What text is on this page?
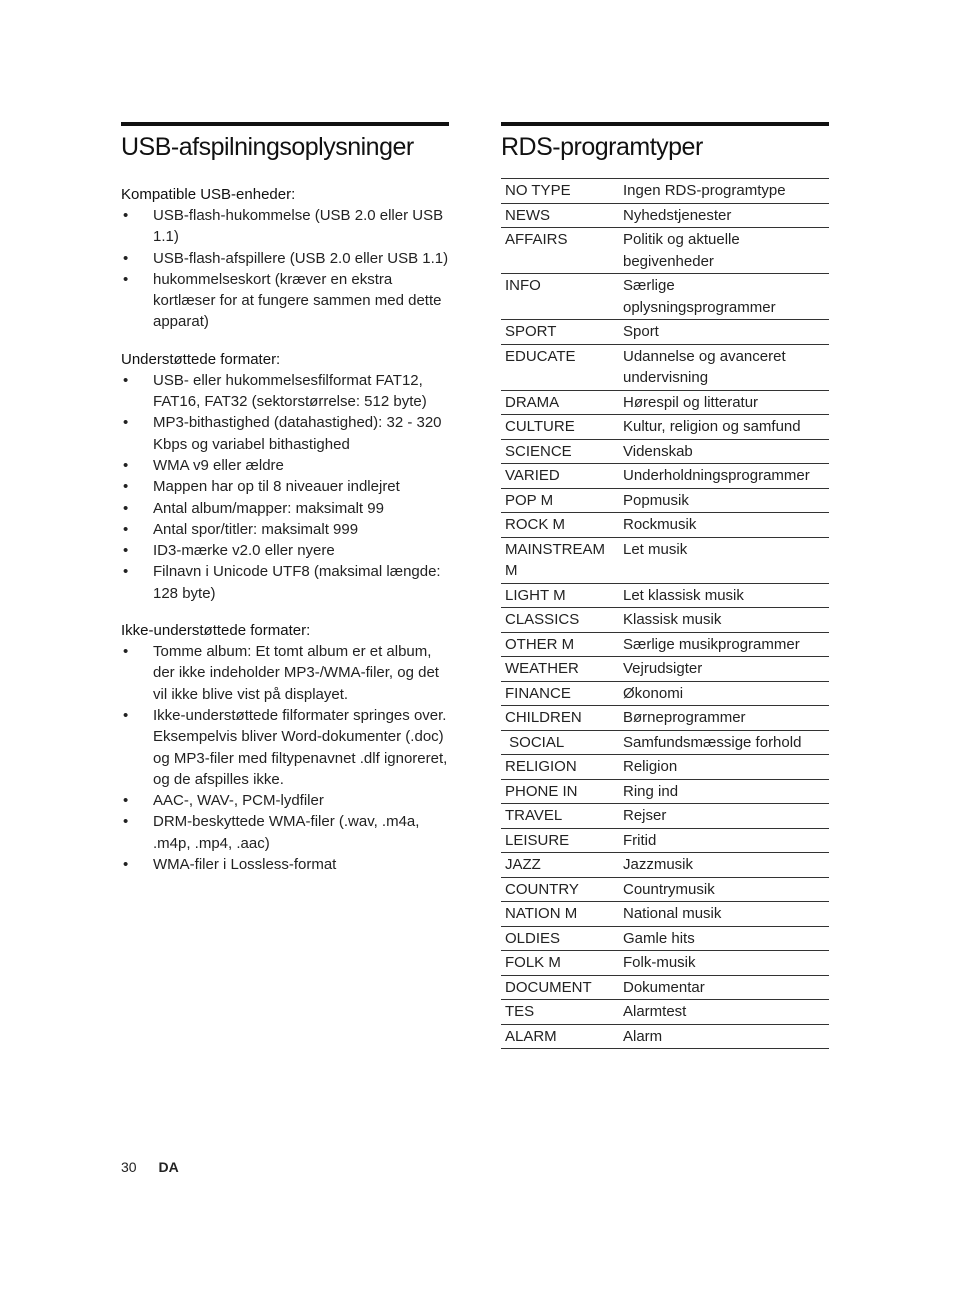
USB-afspilningsoplysninger
Kompatible USB-enheder:
• USB-flash-hukommelse (USB 2.0 eller USB 1.1)
• USB-flash-afspillere (USB 2.0 eller USB 1.1)
• hukommelseskort (kræver en ekstra kortlæser for at fungere sammen med dette apparat)
Understøttede formater:
• USB- eller hukommelsesfilformat FAT12, FAT16, FAT32 (sektorstørrelse: 512 byte)
• MP3-bithastighed (datahastighed): 32 - 320 Kbps og variabel bithastighed
• WMA v9 eller ældre
• Mappen har op til 8 niveauer indlejret
• Antal album/mapper: maksimalt 99
• Antal spor/titler: maksimalt 999
• ID3-mærke v2.0 eller nyere
• Filnavn i Unicode UTF8 (maksimal længde: 128 byte)
Ikke-understøttede formater:
• Tomme album: Et tomt album er et album, der ikke indeholder MP3-/WMA-filer, og det vil ikke blive vist på displayet.
• Ikke-understøttede filformater springes over. Eksempelvis bliver Word-dokumenter (.doc) og MP3-filer med filtypenavnet .dlf ignoreret, og de afspilles ikke.
• AAC-, WAV-, PCM-lydfiler
• DRM-beskyttede WMA-filer (.wav, .m4a, .m4p, .mp4, .aac)
• WMA-filer i Lossless-format
RDS-programtyper
NO TYPE	Ingen RDS-programtype
NEWS	Nyhedstjenester
AFFAIRS	Politik og aktuelle begivenheder
INFO	Særlige oplysningsprogrammer
SPORT	Sport
EDUCATE	Udannelse og avanceret undervisning
DRAMA	Hørespil og litteratur
CULTURE	Kultur, religion og samfund
SCIENCE	Videnskab
VARIED	Underholdningsprogrammer
POP M	Popmusik
ROCK M	Rockmusik
MAINSTREAM M	Let musik
LIGHT M	Let klassisk musik
CLASSICS	Klassisk musik
OTHER M	Særlige musikprogrammer
WEATHER	Vejrudsigter
FINANCE	Økonomi
CHILDREN	Børneprogrammer
SOCIAL	Samfundsmæssige forhold
RELIGION	Religion
PHONE IN	Ring ind
TRAVEL	Rejser
LEISURE	Fritid
JAZZ	Jazzmusik
COUNTRY	Countrymusik
NATION M	National musik
OLDIES	Gamle hits
FOLK M	Folk-musik
DOCUMENT	Dokumentar
TES	Alarmtest
ALARM	Alarm
30 DA
